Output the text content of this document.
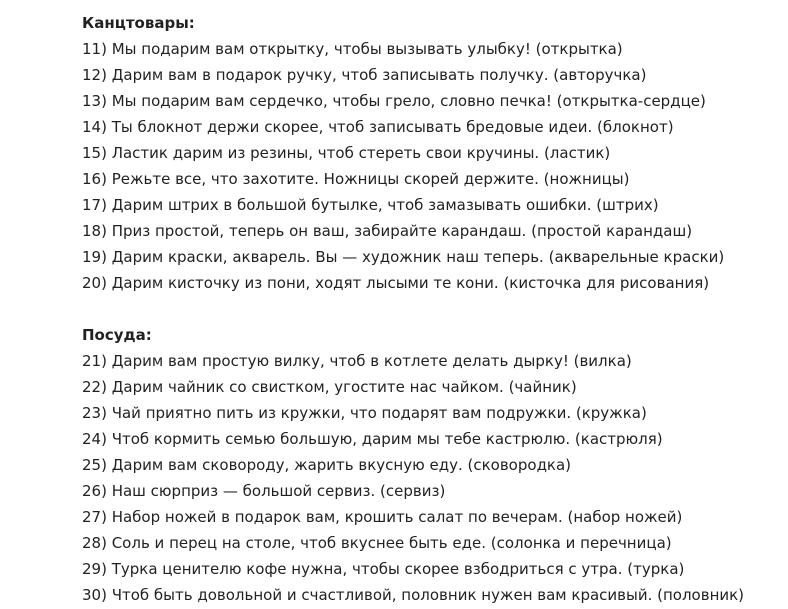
Канцтовары:
11) Мы подарим вам открытку, чтобы вызывать улыбку! (открытка)
12) Дарим вам в подарок ручку, чтоб записывать получку. (авторучка)
13) Мы подарим вам сердечко, чтобы грело, словно печка! (открытка-сердце)
14) Ты блокнот держи скорее, чтоб записывать бредовые идеи. (блокнот)
15) Ластик дарим из резины, чтоб стереть свои кручины. (ластик)
16) Режьте все, что захотите. Ножницы скорей держите. (ножницы)
17) Дарим штрих в большой бутылке, чтоб замазывать ошибки. (штрих)
18) Приз простой, теперь он ваш, забирайте карандаш. (простой карандаш)
19) Дарим краски, акварель. Вы — художник наш теперь. (акварельные краски)
20) Дарим кисточку из пони, ходят лысыми те кони. (кисточка для рисования)
Посуда:
21) Дарим вам простую вилку, чтоб в котлете делать дырку! (вилка)
22) Дарим чайник со свистком, угостите нас чайком. (чайник)
23) Чай приятно пить из кружки, что подарят вам подружки. (кружка)
24) Чтоб кормить семью большую, дарим мы тебе кастрюлю. (кастрюля)
25) Дарим вам сковороду, жарить вкусную еду. (сковородка)
26) Наш сюрприз — большой сервиз. (сервиз)
27) Набор ножей в подарок вам, крошить салат по вечерам. (набор ножей)
28) Соль и перец на столе, чтоб вкуснее быть еде. (солонка и перечница)
29) Турка ценителю кофе нужна, чтобы скорее взбодриться с утра. (турка)
30) Чтоб быть довольной и счастливой, половник нужен вам красивый. (половник)
